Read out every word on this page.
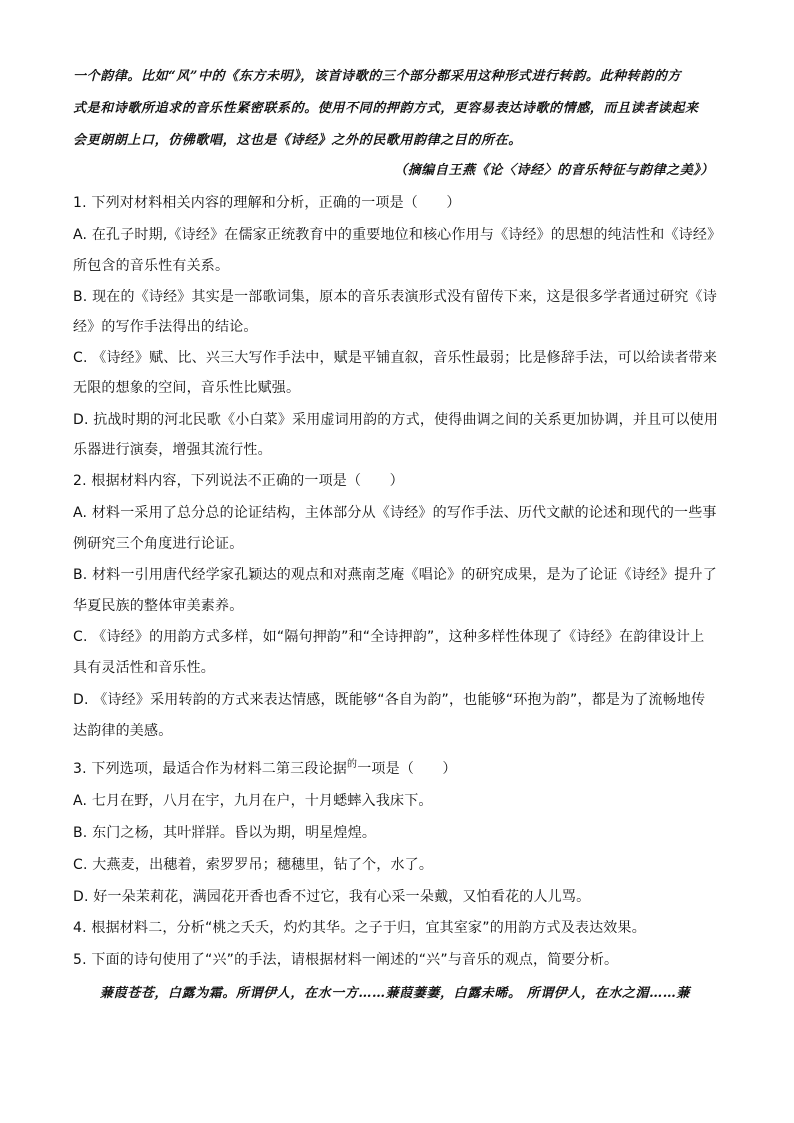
一个韵律。比如“风”中的《东方未明》，该首诗歌的三个部分都采用这种形式进行转韵。此种转韵的方
式是和诗歌所追求的音乐性紧密联系的。使用不同的押韵方式，更容易表达诗歌的情感，而且读者读起来
会更朗朗上口，仿佛歌唱，这也是《诗经》之外的民歌用韵律之目的所在。
（摘编自王燕《论〈诗经〉的音乐特征与韵律之美》）
1. 下列对材料相关内容的理解和分析，正确的一项是（　　）
A. 在孔子时期,《诗经》在儒家正统教育中的重要地位和核心作用与《诗经》的思想的纯洁性和《诗经》
所包含的音乐性有关系。
B. 现在的《诗经》其实是一部歌词集，原本的音乐表演形式没有留传下来，这是很多学者通过研究《诗
经》的写作手法得出的结论。
C. 《诗经》赋、比、兴三大写作手法中，赋是平铺直叙，音乐性最弱；比是修辞手法，可以给读者带来
无限的想象的空间，音乐性比赋强。
D. 抗战时期的河北民歌《小白菜》采用虚词用韵的方式，使得曲调之间的关系更加协调，并且可以使用
乐器进行演奏，增强其流行性。
2. 根据材料内容，下列说法不正确的一项是（　　）
A. 材料一采用了总分总的论证结构，主体部分从《诗经》的写作手法、历代文献的论述和现代的一些事
例研究三个角度进行论证。
B. 材料一引用唐代经学家孔颖达的观点和对燕南芝庵《唱论》的研究成果，是为了论证《诗经》提升了
华夏民族的整体审美素养。
C. 《诗经》的用韵方式多样，如“隔句押韵”和“全诗押韵”，这种多样性体现了《诗经》在韵律设计上
具有灵活性和音乐性。
D. 《诗经》采用转韵的方式来表达情感，既能够“各自为韵”，也能够“环抱为韵”，都是为了流畅地传
达韵律的美感。
3. 下列选项，最适合作为材料二第三段论据$^的$一项是（　　）
A. 七月在野，八月在宇，九月在户，十月蟋蟀入我床下。
B. 东门之杨，其叶牂牂。昏以为期，明星煌煌。
C. 大燕麦，出穗着，索罗罗吊；穗穗里，钻了个，水了。
D. 好一朵茉莉花，满园花开香也香不过它，我有心采一朵戴，又怕看花的人儿骂。
4. 根据材料二，分析“桃之夭夭，灼灼其华。之子于归，宜其室家”的用韵方式及表达效果。
5. 下面的诗句使用了“兴”的手法，请根据材料一阐述的“兴”与音乐的观点，简要分析。
蒹葭苍苍，白露为霜。所谓伊人，在水一方……蒹葭萋萋，白露未晞。 所谓伊人，在水之湄……蒹
